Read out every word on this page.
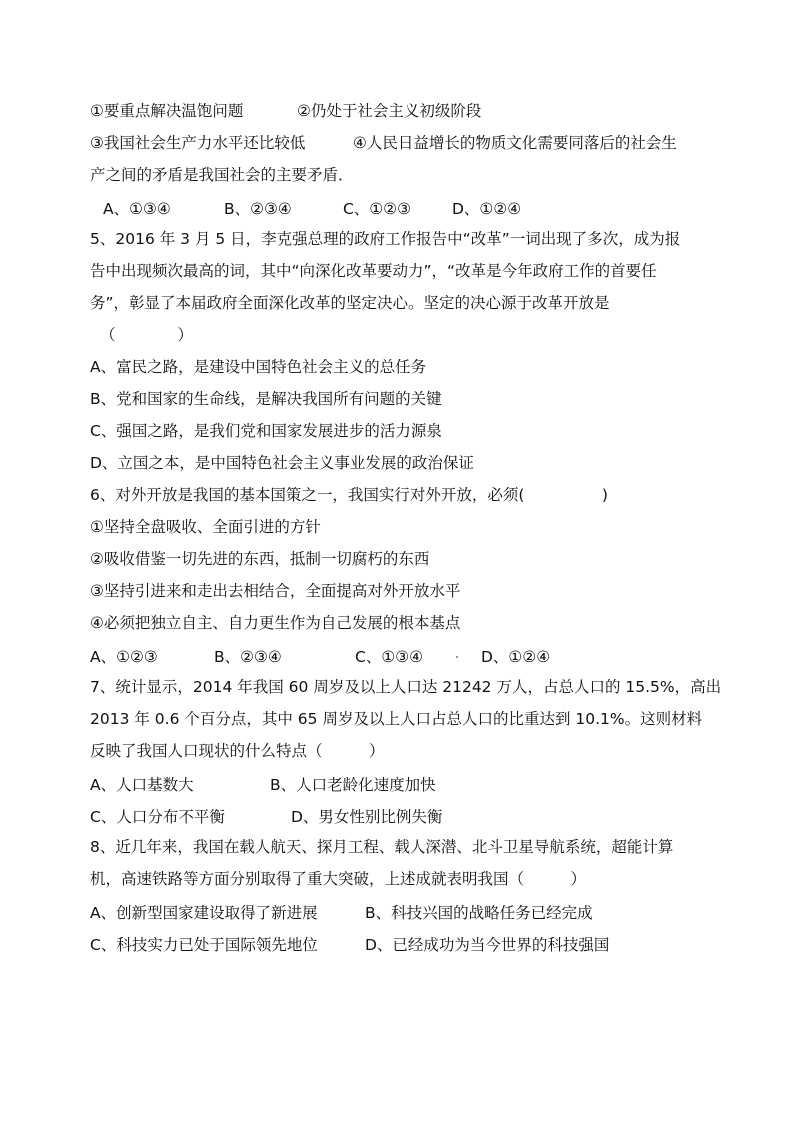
①要重点解决温饱问题	②仍处于社会主义初级阶段
③我国社会生产力水平还比较低	④人民日益增长的物质文化需要同落后的社会生
产之间的矛盾是我国社会的主要矛盾．
A、①③④	B、②③④	C、①②③	D、①②④
5、2016 年 3 月 5 日，李克强总理的政府工作报告中“改革”一词出现了多次，成为报
告中出现频次最高的词，其中“向深化改革要动力”，“改革是今年政府工作的首要任
务”，彰显了本届政府全面深化改革的坚定决心。坚定的决心源于改革开放是
（　　　　）
A、富民之路，是建设中国特色社会主义的总任务
B、党和国家的生命线，是解决我国所有问题的关键
C、强国之路，是我们党和国家发展进步的活力源泉
D、立国之本，是中国特色社会主义事业发展的政治保证
6、对外开放是我国的基本国策之一，我国实行对外开放，必须(　　　　　)
①坚持全盘吸收、全面引进的方针
②吸收借鉴一切先进的东西，抵制一切腐朽的东西
③坚持引进来和走出去相结合，全面提高对外开放水平
④必须把独立自主、自力更生作为自己发展的根本基点
A、①②③	B、②③④	C、①③④	D、①②④
7、统计显示，2014 年我国 60 周岁及以上人口达 21242 万人，占总人口的 15.5%，高出
2013 年 0.6 个百分点，其中 65 周岁及以上人口占总人口的比重达到 10.1%。这则材料
反映了我国人口现状的什么特点（　　　）
A、人口基数大	B、人口老龄化速度加快
C、人口分布不平衡	D、男女性别比例失衡
8、近几年来，我国在载人航天、探月工程、载人深潜、北斗卫星导航系统，超能计算
机，高速铁路等方面分别取得了重大突破，上述成就表明我国（　　　）
A、创新型国家建设取得了新进展	B、科技兴国的战略任务已经完成
C、科技实力已处于国际领先地位	D、已经成功为当今世界的科技强国
